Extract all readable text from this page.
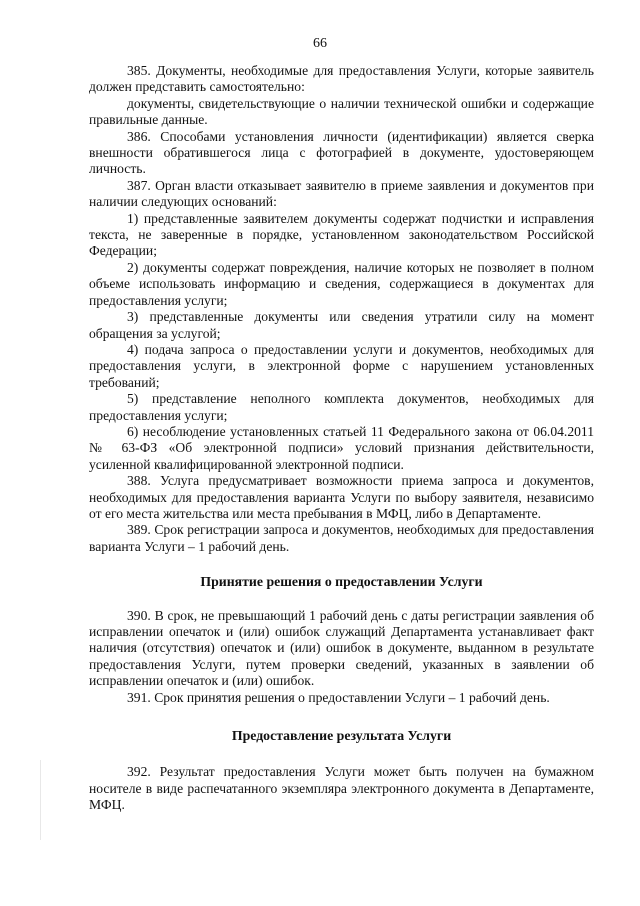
66

385. Документы, необходимые для предоставления Услуги, которые заявитель должен представить самостоятельно:

документы, свидетельствующие о наличии технической ошибки и содержащие правильные данные.

386. Способами установления личности (идентификации) является сверка внешности обратившегося лица с фотографией в документе, удостоверяющем личность.

387. Орган власти отказывает заявителю в приеме заявления и документов при наличии следующих оснований:

1) представленные заявителем документы содержат подчистки и исправления текста, не заверенные в порядке, установленном законодательством Российской Федерации;

2) документы содержат повреждения, наличие которых не позволяет в полном объеме использовать информацию и сведения, содержащиеся в документах для предоставления услуги;

3) представленные документы или сведения утратили силу на момент обращения за услугой;

4) подача запроса о предоставлении услуги и документов, необходимых для предоставления услуги, в электронной форме с нарушением установленных требований;

5) представление неполного комплекта документов, необходимых для предоставления услуги;

6) несоблюдение установленных статьей 11 Федерального закона от 06.04.2011 № 63-ФЗ «Об электронной подписи» условий признания действительности, усиленной квалифицированной электронной подписи.

388. Услуга предусматривает возможности приема запроса и документов, необходимых для предоставления варианта Услуги по выбору заявителя, независимо от его места жительства или места пребывания в МФЦ, либо в Департаменте.

389. Срок регистрации запроса и документов, необходимых для предоставления варианта Услуги – 1 рабочий день.

Принятие решения о предоставлении Услуги

390. В срок, не превышающий 1 рабочий день с даты регистрации заявления об исправлении опечаток и (или) ошибок служащий Департамента устанавливает факт наличия (отсутствия) опечаток и (или) ошибок в документе, выданном в результате предоставления Услуги, путем проверки сведений, указанных в заявлении об исправлении опечаток и (или) ошибок.

391. Срок принятия решения о предоставлении Услуги – 1 рабочий день.

Предоставление результата Услуги

392. Результат предоставления Услуги может быть получен на бумажном носителе в виде распечатанного экземпляра электронного документа в Департаменте, МФЦ.
